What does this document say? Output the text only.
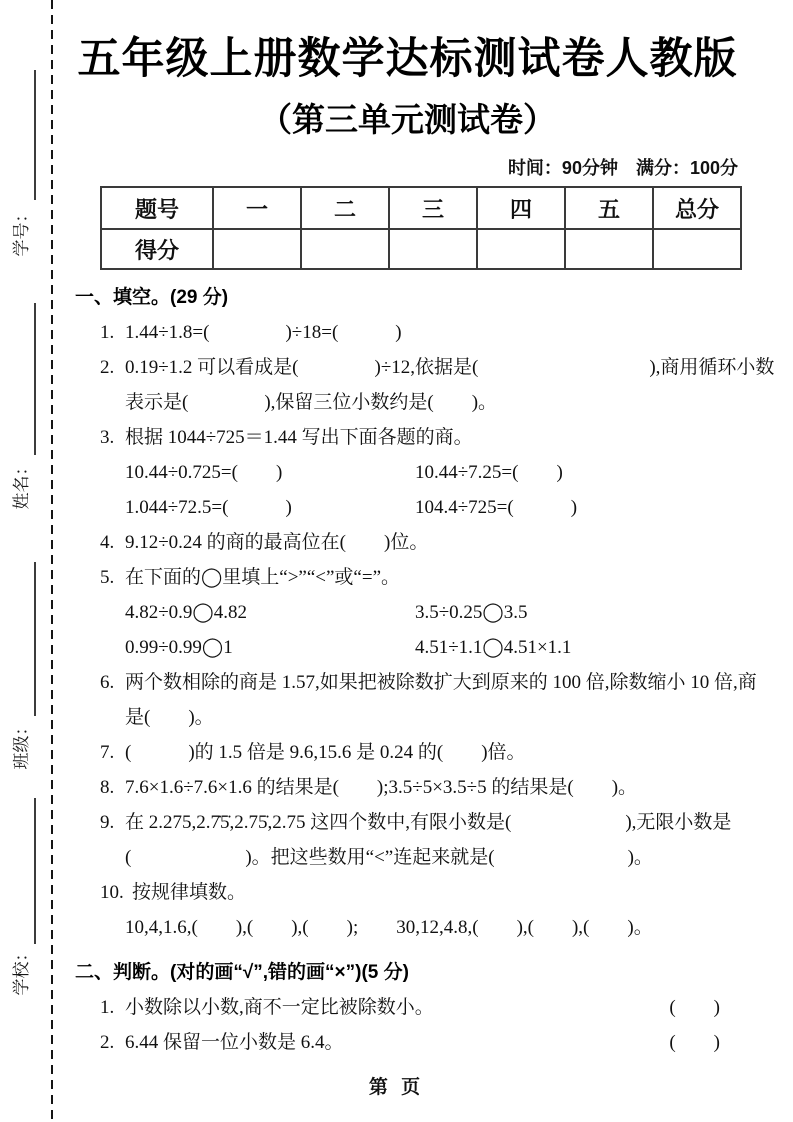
学号：
姓名：
班级：
学校：
五年级上册数学达标测试卷人教版
（第三单元测试卷）
时间：90分钟　满分：100分
题号	一	二	三	四	五	总分
得分						
一、填空。(29 分)
1. 1.44÷1.8=(　　　　)÷18=(　　　)
2. 0.19÷1.2 可以看成是(　　　　)÷12,依据是(　　　　　　　　　),商用循环小数
表示是(　　　　),保留三位小数约是(　　)。
3. 根据 1044÷725＝1.44 写出下面各题的商。
10.44÷0.725=(　　)	10.44÷7.25=(　　)
1.044÷72.5=(　　　)	104.4÷725=(　　　)
4. 9.12÷0.24 的商的最高位在(　　)位。
5. 在下面的◯里填上“>”“<”或“=”。
4.82÷0.9◯4.82	3.5÷0.25◯3.5
0.99÷0.99◯1	4.51÷1.1◯4.51×1.1
6. 两个数相除的商是 1.57,如果把被除数扩大到原来的 100 倍,除数缩小 10 倍,商
是(　　)。
7. (　　　)的 1.5 倍是 9.6,15.6 是 0.24 的(　　)倍。
8. 7.6×1.6÷7.6×1.6 的结果是(　　);3.5÷5×3.5÷5 的结果是(　　)。
9. 在 2.275,2.7̇5̇,2.75̇,2.75 这四个数中,有限小数是(　　　　　　),无限小数是
(　　　　　　)。把这些数用“<”连起来就是(　　　　　　　)。
10. 按规律填数。
10,4,1.6,(　　),(　　),(　　);　　30,12,4.8,(　　),(　　),(　　)。
二、判断。(对的画“√”,错的画“×”)(5 分)
1. 小数除以小数,商不一定比被除数小。	(　　)
2. 6.44 保留一位小数是 6.4。	(　　)
第 页
